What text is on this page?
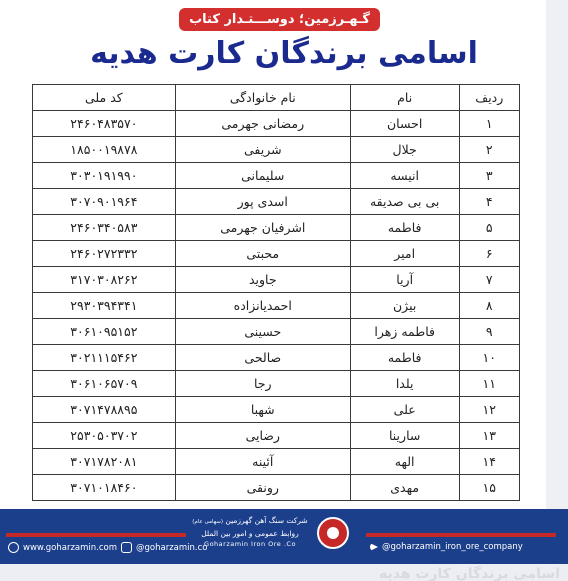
گـهـرزمین؛ دوســـتـدار کتاب
اسامی برندگان کارت هدیه
ردیف	نام	نام خانوادگی	کد ملی
۱	احسان	رمضانی جهرمی	۲۴۶۰۴۸۳۵۷۰
۲	جلال	شریفی	۱۸۵۰۰۱۹۸۷۸
۳	انیسه	سلیمانی	۳۰۳۰۱۹۱۹۹۰
۴	بی بی صدیقه	اسدی پور	۳۰۷۰۹۰۱۹۶۴
۵	فاطمه	اشرفیان جهرمی	۲۴۶۰۳۴۰۵۸۳
۶	امیر	محبتی	۲۴۶۰۲۷۲۳۳۲
۷	آریا	جاوید	۳۱۷۰۳۰۸۲۶۲
۸	بیژن	احمدیانزاده	۲۹۳۰۳۹۴۳۴۱
۹	فاطمه زهرا	حسینی	۳۰۶۱۰۹۵۱۵۲
۱۰	فاطمه	صالحی	۳۰۲۱۱۱۵۴۶۲
۱۱	یلدا	رجا	۳۰۶۱۰۶۵۷۰۹
۱۲	علی	شهبا	۳۰۷۱۴۷۸۸۹۵
۱۳	سارینا	رضایی	۲۵۳۰۵۰۳۷۰۲
۱۴	الهه	آئینه	۳۰۷۱۷۸۲۰۸۱
۱۵	مهدی	رونقی	۳۰۷۱۰۱۸۴۶۰
شرکت سنگ آهن گهرزمین (سهامی عام)
روابط عمومی و امور بین الملل
Goharzamin Iron Ore .Co
www.goharzamin.com @goharzamin.co	@goharzamin_iron_ore_company
اسامی برندگان کارت هدیه
